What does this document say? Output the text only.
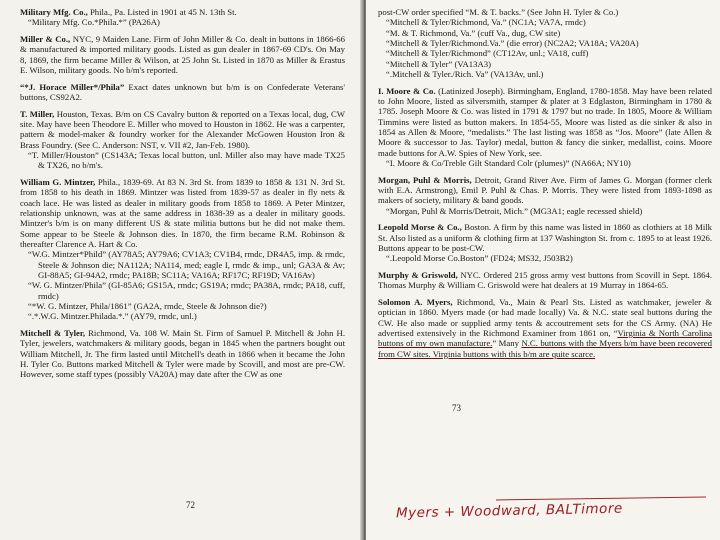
Military Mfg. Co., Phila., Pa. Listed in 1901 at 45 N. 13th St.

“Military Mfg. Co.*Phila.*” (PA26A)

Miller & Co., NYC, 9 Maiden Lane. Firm of John Miller & Co. dealt in buttons in 1866-66 & manufactured & imported military goods. Listed as gun dealer in 1867-69 CD's. On May 8, 1869, the firm became Miller & Wilson, at 25 John St. Listed in 1870 as Miller & Erastus E. Wilson, military goods. No b/m's reported.

“*J. Horace Miller*/Phila” Exact dates unknown but b/m is on Confederate Veterans' buttons, CS92A2.

T. Miller, Houston, Texas. B/m on CS Cavalry button & reported on a Texas local, dug, CW site. May have been Theodore E. Miller who moved to Houston in 1862. He was a carpenter, pattern & model-maker & foundry worker for the Alexander McGowen Houston Iron & Brass Foundry. (See C. Anderson: NST, v. VII #2, Jan-Feb. 1980).

“T. Miller/Houston” (CS143A; Texas local button, unl. Miller also may have made TX25 & TX26, no b/m's.

William G. Mintzer, Phila., 1839-69. At 83 N. 3rd St. from 1839 to 1858 & 131 N. 3rd St. from 1858 to his death in 1869. Mintzer was listed from 1839-57 as dealer in fly nets & coach lace. He was listed as dealer in military goods from 1858 to 1869. A Peter Mintzer, relationship unknown, was at the same address in 1838-39 as a dealer in military goods. Mintzer's b/m is on many different US & state militia buttons but he did not make them. Some appear to be Steele & Johnson dies. In 1870, the firm became R.M. Robinson & thereafter Clarence A. Hart & Co.

“W.G. Mintzer*Phild” (AY78A5; AY79A6; CV1A3; CV1B4, rmdc, DR4A5, imp. & rmdc, Steele & Johnson die; NA112A; NA114, med; eagle I, rmdc & imp., unl; GA3A & Av; GI-88A5; GI-94A2, rmdc; PA18B; SC11A; VA16A; RF17C; RF19D; VA16Av)

“W. G. Mintzer/Phila” (GI-85A6; GS15A, rmdc; GS19A; rmdc; PA38A, rmdc; PA18, cuff, rmdc)

“*W. G. Mintzer, Phila/1861” (GA2A, rmdc, Steele & Johnson die?)

“.*.W.G. Mintzer.Philada.*.” (AY79, rmdc, unl.)

Mitchell & Tyler, Richmond, Va. 108 W. Main St. Firm of Samuel P. Mitchell & John H. Tyler, jewelers, watchmakers & military goods, began in 1845 when the partners bought out William Mitchell, Jr. The firm lasted until Mitchell's death in 1866 when it became the John H. Tyler Co. Buttons marked Mitchell & Tyler were made by Scovill, and most are pre-CW. However, some staff types (possibly VA20A) may date after the CW as one

72

post-CW order specified “M. & T. backs.” (See John H. Tyler & Co.)

“Mitchell & Tyler/Richmond, Va.” (NC1A; VA7A, rmdc)

“M. & T. Richmond, Va.” (cuff Va., dug, CW site)

“Mitchell & Tyler/Richmond.Va.” (die error) (NC2A2; VA18A; VA20A)

“Mitchell & Tyler/Richmond” (CT12Av, unl.; VA18, cuff)

“Mitchell & Tyler” (VA13A3)

“.Mitchell & Tyler./Rich. Va” (VA13Av, unl.)

I. Moore & Co. (Latinized Joseph). Birmingham, England, 1780-1858. May have been related to John Moore, listed as silversmith, stamper & plater at 3 Edglaston, Birmingham in 1780 & 1785. Joseph Moore & Co. was listed in 1791 & 1797 but no trade. In 1805, Moore & William Timmins were listed as button makers. In 1854-55, Moore was listed as die sinker & also in 1854 as Allen & Moore, “medalists.” The last listing was 1858 as “Jos. Moore” (late Allen & Moore & successor to Jas. Taylor) medal, button & fancy die sinker, medallist, coins. Moore made buttons for A.W. Spies of New York, see.

“I. Moore & Co/Treble Gilt Standard Colr (plumes)” (NA66A; NY10)

Morgan, Puhl & Morris, Detroit, Grand River Ave. Firm of James G. Morgan (former clerk with E.A. Armstrong), Emil P. Puhl & Chas. P. Morris. They were listed from 1893-1898 as makers of society, military & band goods.

“Morgan, Puhl & Morris/Detroit, Mich.” (MG3A1; eagle recessed shield)

Leopold Morse & Co., Boston. A firm by this name was listed in 1860 as clothiers at 18 Milk St. Also listed as a uniform & clothing firm at 137 Washington St. from c. 1895 to at least 1926. Buttons appear to be post-CW.

“.Leopold Morse Co.Boston” (FD24; MS32, J503B2)

Murphy & Griswold, NYC. Ordered 215 gross army vest buttons from Scovill in Sept. 1864. Thomas Murphy & William C. Griswold were hat dealers at 19 Murray in 1864-65.

Solomon A. Myers, Richmond, Va., Main & Pearl Sts. Listed as watchmaker, jeweler & optician in 1860. Myers made (or had made locally) Va. & N.C. state seal buttons during the CW. He also made or supplied army tents & accoutrement sets for the CS Army. (NA) He advertised extensively in the Richmond Examiner from 1861 on, “Virginia & North Carolina buttons of my own manufacture.” Many N.C. buttons with the Myers b/m have been recovered from CW sites. Virginia buttons with this b/m are quite scarce.

73
Myers + Woodward, BALTimore
